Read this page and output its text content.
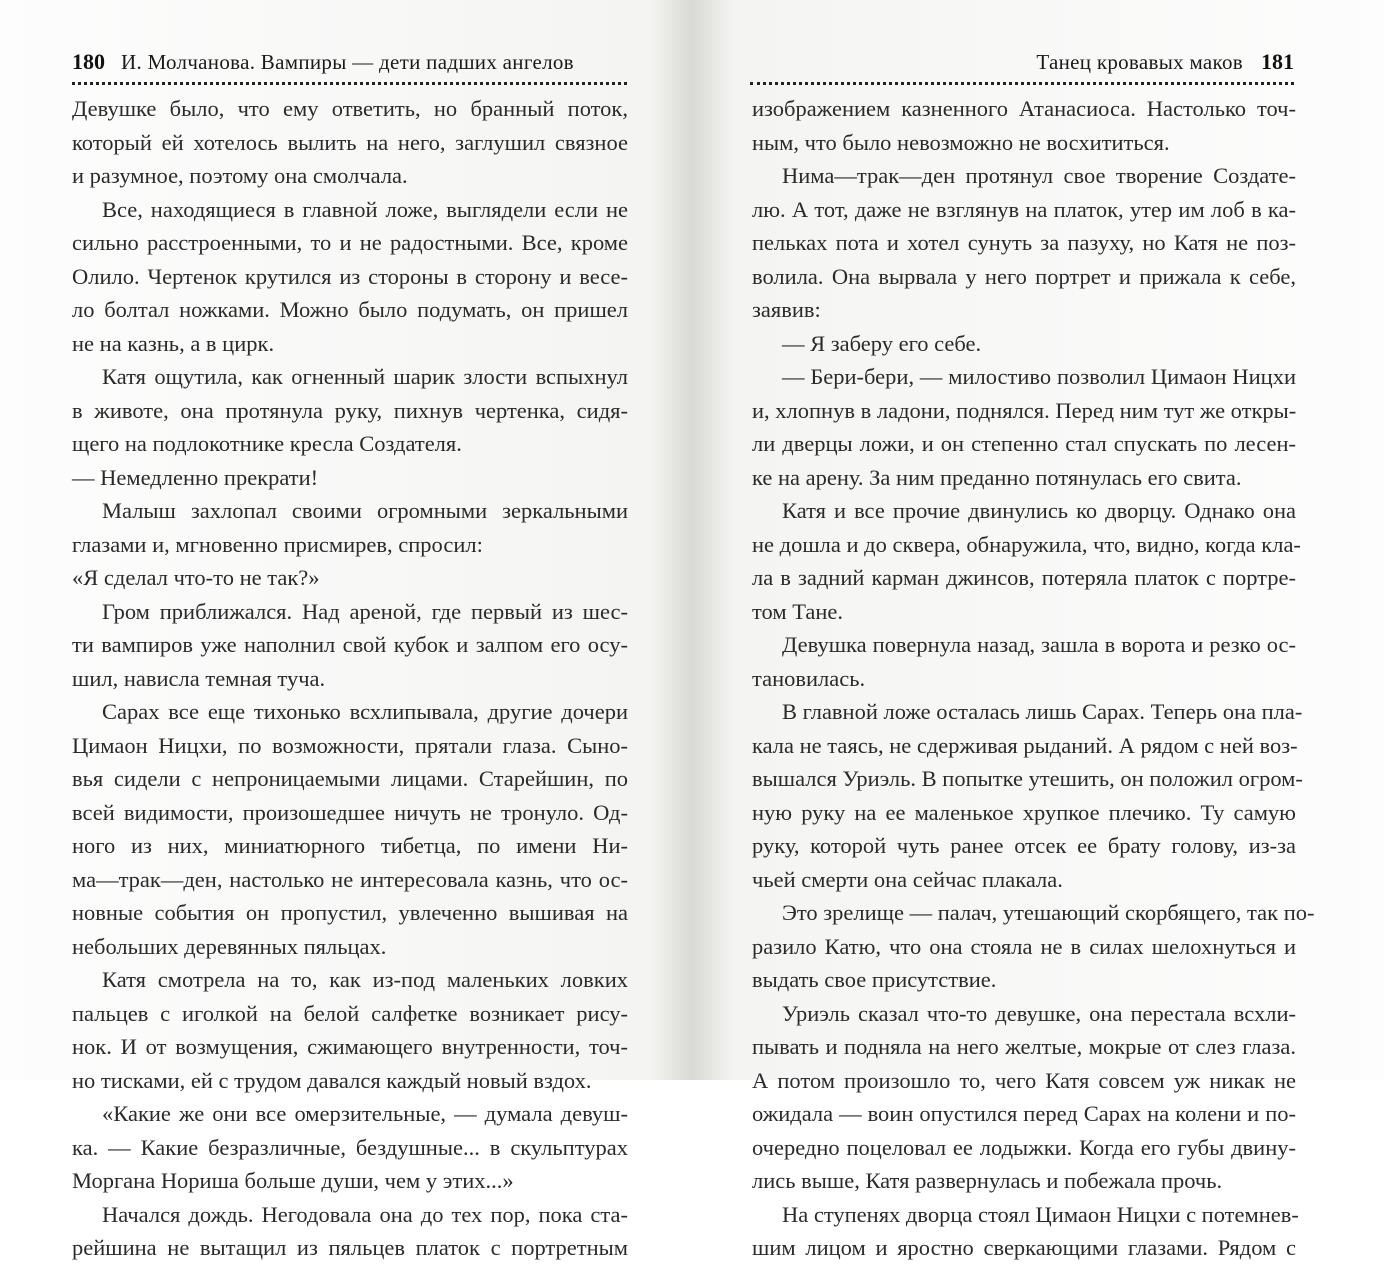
180 И. Молчанова. Вампиры — дети падших ангелов
Девушке было, что ему ответить, но бранный поток,
который ей хотелось вылить на него, заглушил связное
и разумное, поэтому она смолчала.
Все, находящиеся в главной ложе, выглядели если не
сильно расстроенными, то и не радостными. Все, кроме
Олило. Чертенок крутился из стороны в сторону и весе-
ло болтал ножками. Можно было подумать, он пришел
не на казнь, а в цирк.
Катя ощутила, как огненный шарик злости вспыхнул
в животе, она протянула руку, пихнув чертенка, сидя-
щего на подлокотнике кресла Создателя.
— Немедленно прекрати!
Малыш захлопал своими огромными зеркальными
глазами и, мгновенно присмирев, спросил:
«Я сделал что-то не так?»
Гром приближался. Над ареной, где первый из шес-
ти вампиров уже наполнил свой кубок и залпом его осу-
шил, нависла темная туча.
Сарах все еще тихонько всхлипывала, другие дочери
Цимаон Ницхи, по возможности, прятали глаза. Сыно-
вья сидели с непроницаемыми лицами. Старейшин, по
всей видимости, произошедшее ничуть не тронуло. Од-
ного из них, миниатюрного тибетца, по имени Ни-
ма—трак—ден, настолько не интересовала казнь, что ос-
новные события он пропустил, увлеченно вышивая на
небольших деревянных пяльцах.
Катя смотрела на то, как из-под маленьких ловких
пальцев с иголкой на белой салфетке возникает рису-
нок. И от возмущения, сжимающего внутренности, точ-
но тисками, ей с трудом давался каждый новый вздох.
«Какие же они все омерзительные, — думала девуш-
ка. — Какие безразличные, бездушные... в скульптурах
Моргана Нориша больше души, чем у этих...»
Начался дождь. Негодовала она до тех пор, пока ста-
рейшина не вытащил из пяльцев платок с портретным
Танец кровавых маков 181
изображением казненного Атанасиоса. Настолько точ-
ным, что было невозможно не восхититься.
Нима—трак—ден протянул свое творение Создате-
лю. А тот, даже не взглянув на платок, утер им лоб в ка-
пельках пота и хотел сунуть за пазуху, но Катя не поз-
волила. Она вырвала у него портрет и прижала к себе,
заявив:
— Я заберу его себе.
— Бери-бери, — милостиво позволил Цимаон Ницхи
и, хлопнув в ладони, поднялся. Перед ним тут же откры-
ли дверцы ложи, и он степенно стал спускать по лесен-
ке на арену. За ним преданно потянулась его свита.
Катя и все прочие двинулись ко дворцу. Однако она
не дошла и до сквера, обнаружила, что, видно, когда кла-
ла в задний карман джинсов, потеряла платок с портре-
том Тане.
Девушка повернула назад, зашла в ворота и резко ос-
тановилась.
В главной ложе осталась лишь Сарах. Теперь она пла-
кала не таясь, не сдерживая рыданий. А рядом с ней воз-
вышался Уриэль. В попытке утешить, он положил огром-
ную руку на ее маленькое хрупкое плечико. Ту самую
руку, которой чуть ранее отсек ее брату голову, из-за
чьей смерти она сейчас плакала.
Это зрелище — палач, утешающий скорбящего, так по-
разило Катю, что она стояла не в силах шелохнуться и
выдать свое присутствие.
Уриэль сказал что-то девушке, она перестала всхли-
пывать и подняла на него желтые, мокрые от слез глаза.
А потом произошло то, чего Катя совсем уж никак не
ожидала — воин опустился перед Сарах на колени и по-
очередно поцеловал ее лодыжки. Когда его губы двину-
лись выше, Катя развернулась и побежала прочь.
На ступенях дворца стоял Цимаон Ницхи с потемнев-
шим лицом и яростно сверкающими глазами. Рядом с
